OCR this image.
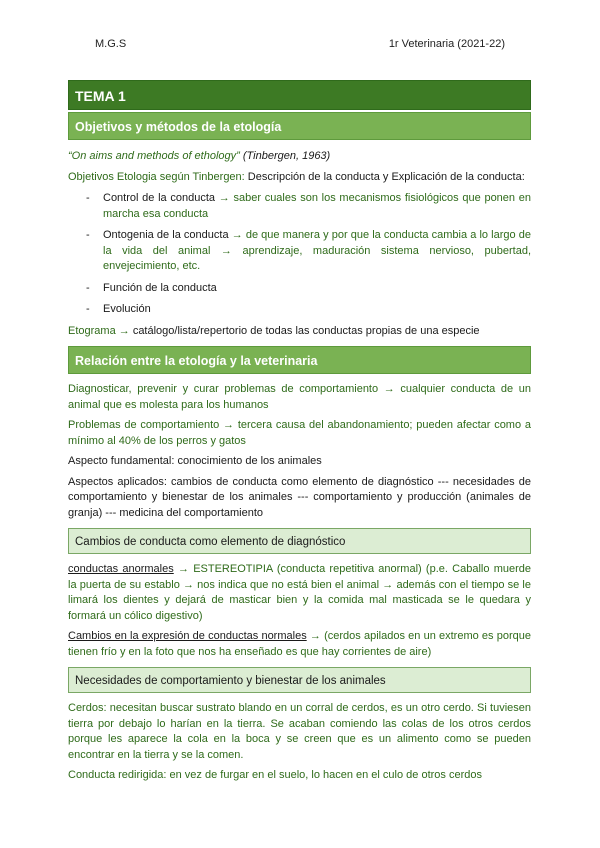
M.G.S	1r Veterinaria (2021-22)
TEMA 1
Objetivos y métodos de la etología

“On aims and methods of ethology” (Tinbergen, 1963)

Objetivos Etologia según Tinbergen: Descripción de la conducta y Explicación de la conducta:

- Control de la conducta → saber cuales son los mecanismos fisiológicos que ponen en marcha esa conducta
- Ontogenia de la conducta → de que manera y por que la conducta cambia a lo largo de la vida del animal → aprendizaje, maduración sistema nervioso, pubertad, envejecimiento, etc.
- Función de la conducta
- Evolución

Etograma → catálogo/lista/repertorio de todas las conductas propias de una especie

Relación entre la etología y la veterinaria

Diagnosticar, prevenir y curar problemas de comportamiento → cualquier conducta de un animal que es molesta para los humanos

Problemas de comportamiento → tercera causa del abandonamiento; pueden afectar como a mínimo al 40% de los perros y gatos

Aspecto fundamental: conocimiento de los animales

Aspectos aplicados: cambios de conducta como elemento de diagnóstico --- necesidades de comportamiento y bienestar de los animales --- comportamiento y producción (animales de granja) --- medicina del comportamiento

Cambios de conducta como elemento de diagnóstico

conductas anormales → ESTEREOTIPIA (conducta repetitiva anormal) (p.e. Caballo muerde la puerta de su establo → nos indica que no está bien el animal → además con el tiempo se le limará los dientes y dejará de masticar bien y la comida mal masticada se le quedara y formará un cólico digestivo)

Cambios en la expresión de conductas normales → (cerdos apilados en un extremo es porque tienen frío y en la foto que nos ha enseñado es que hay corrientes de aire)

Necesidades de comportamiento y bienestar de los animales

Cerdos: necesitan buscar sustrato blando en un corral de cerdos, es un otro cerdo. Si tuviesen tierra por debajo lo harían en la tierra. Se acaban comiendo las colas de los otros cerdos porque les aparece la cola en la boca y se creen que es un alimento como se pueden encontrar en la tierra y se la comen.

Conducta redirigida: en vez de furgar en el suelo, lo hacen en el culo de otros cerdos
